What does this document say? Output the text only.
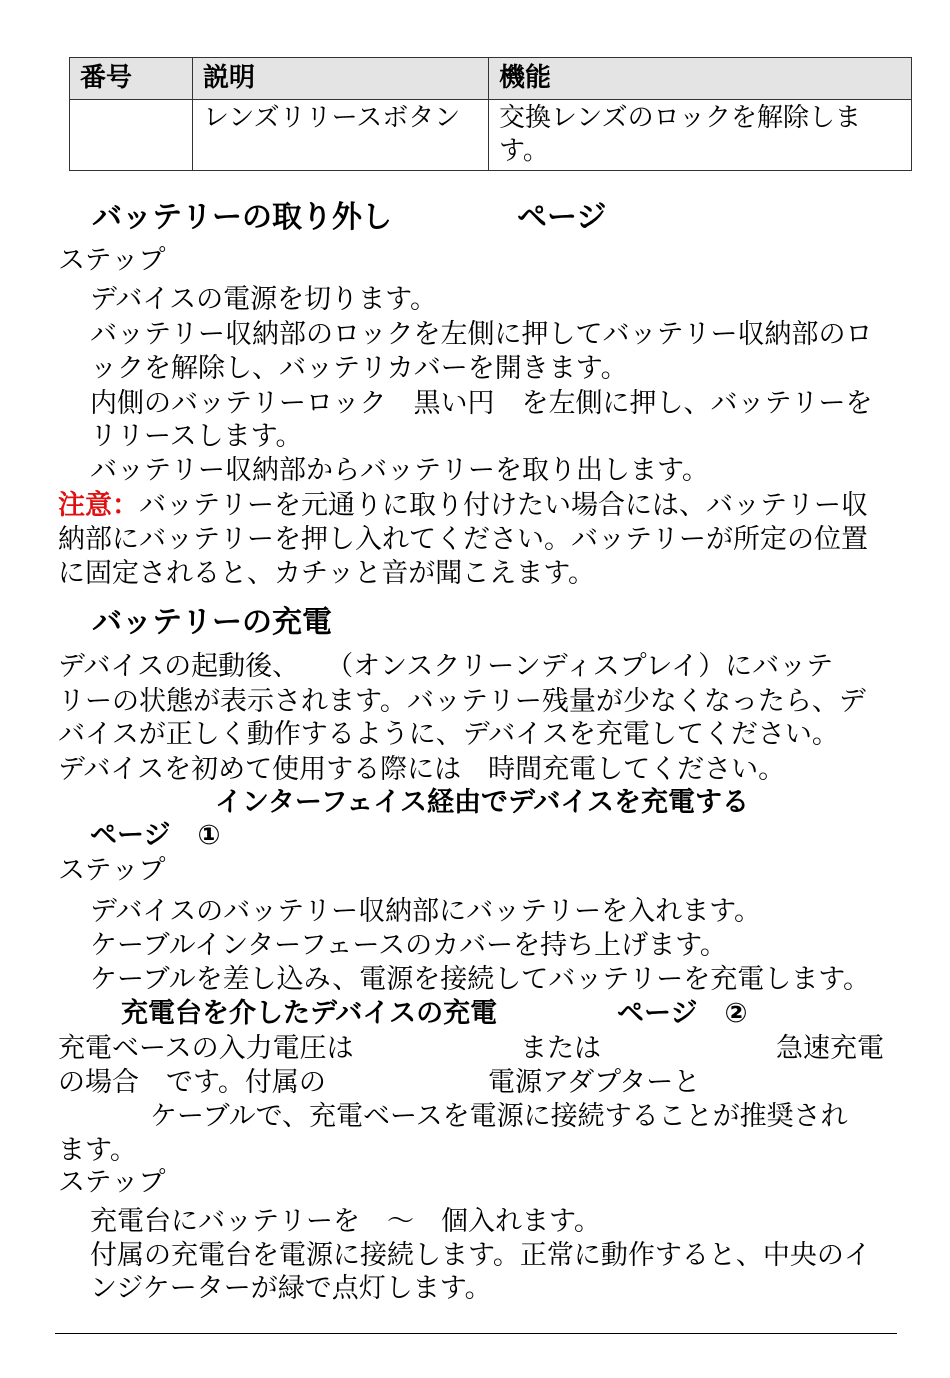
番号	説明	機能
	レンズリリースボタン	交換レンズのロックを解除します。
バッテリーの取り外し	ページ
ステップ
デバイスの電源を切ります。
バッテリー収納部のロックを左側に押してバッテリー収納部のロ
ックを解除し、バッテリカバーを開きます。
内側のバッテリーロック　黒い円　を左側に押し、バッテリーを
リリースします。
バッテリー収納部からバッテリーを取り出します。
注意：バッテリーを元通りに取り付けたい場合には、バッテリー収
納部にバッテリーを押し入れてください。バッテリーが所定の位置
に固定されると、カチッと音が聞こえます。
バッテリーの充電
デバイスの起動後、　　（オンスクリーンディスプレイ）にバッテ
リーの状態が表示されます。バッテリー残量が少なくなったら、デ
バイスが正しく動作するように、デバイスを充電してください。
デバイスを初めて使用する際には　時間充電してください。
インターフェイス経由でデバイスを充電する
ページ　①
ステップ
デバイスのバッテリー収納部にバッテリーを入れます。
ケーブルインターフェースのカバーを持ち上げます。
ケーブルを差し込み、電源を接続してバッテリーを充電します。
充電台を介したデバイスの充電	ページ　②
充電ベースの入力電圧は	または	急速充電
の場合　です。付属の	電源アダプターと
ケーブルで、充電ベースを電源に接続することが推奨され
ます。
ステップ
充電台にバッテリーを　～　個入れます。
付属の充電台を電源に接続します。正常に動作すると、中央のイ
ンジケーターが緑で点灯します。
